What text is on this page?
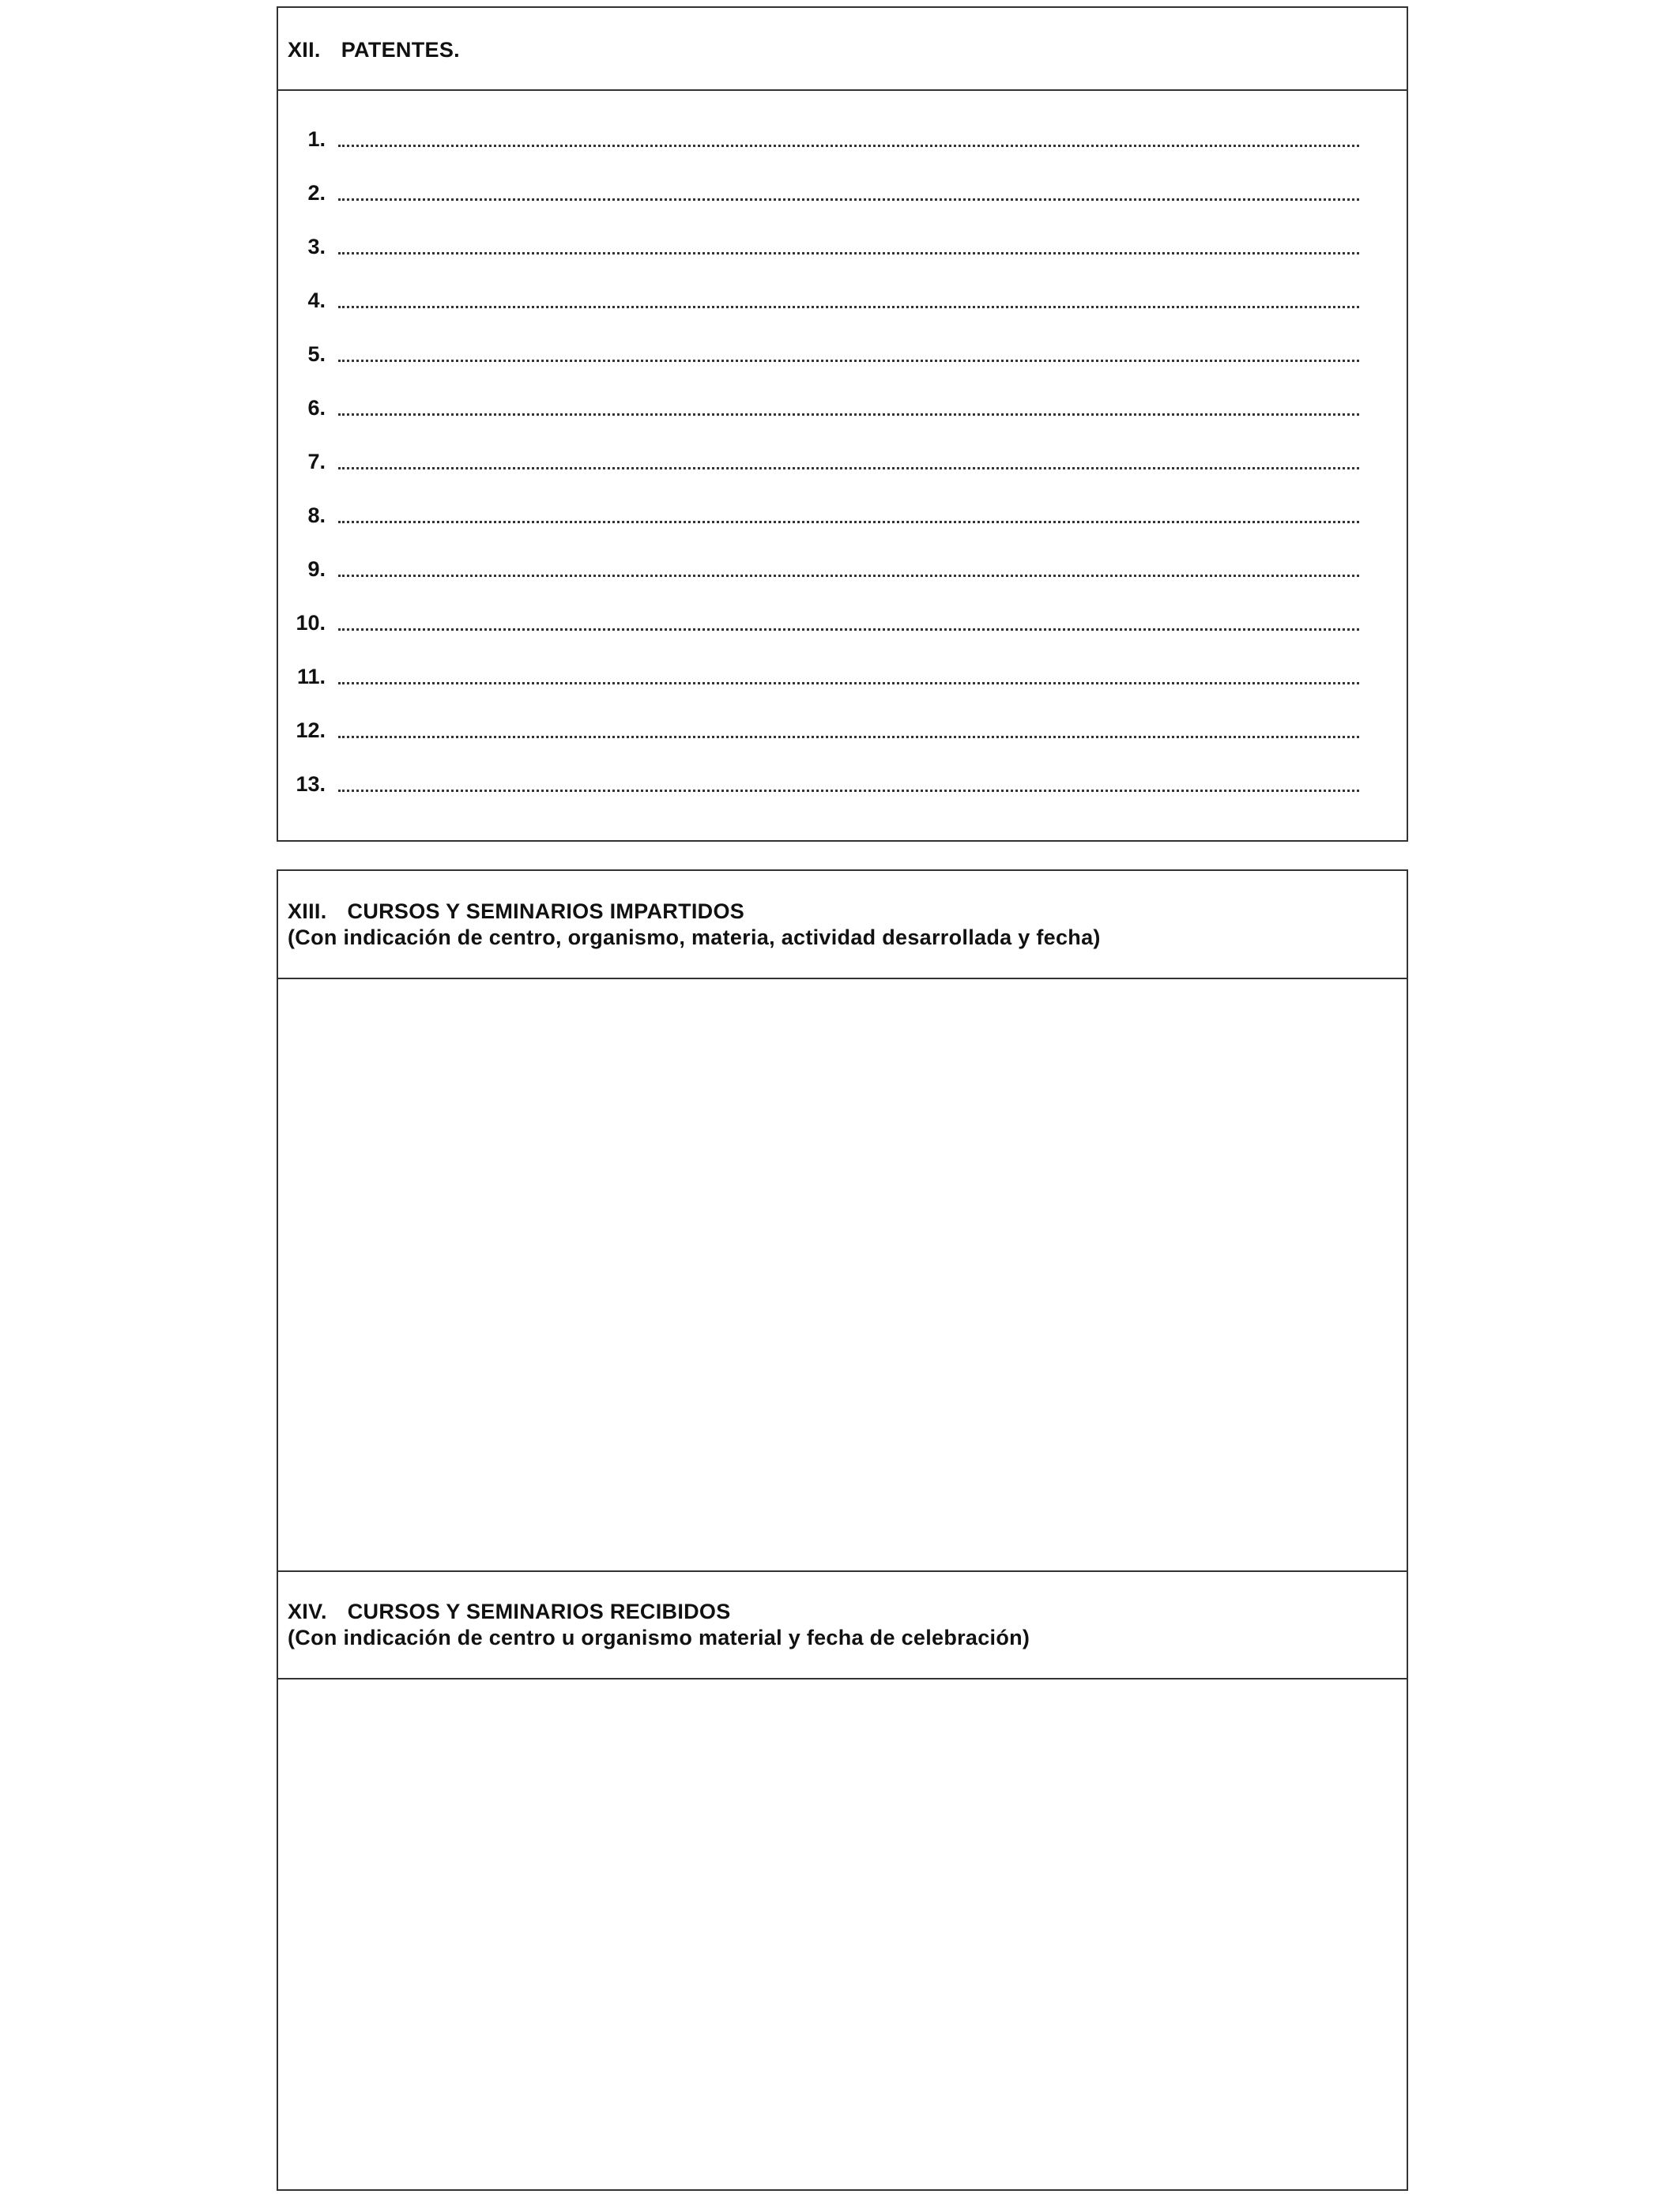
XII. PATENTES.
1.
2.
3.
4.
5.
6.
7.
8.
9.
10.
11.
12.
13.
XIII. CURSOS Y SEMINARIOS IMPARTIDOS
(Con indicación de centro, organismo, materia, actividad desarrollada y fecha)
XIV. CURSOS Y SEMINARIOS RECIBIDOS
(Con indicación de centro u organismo material y fecha de celebración)
